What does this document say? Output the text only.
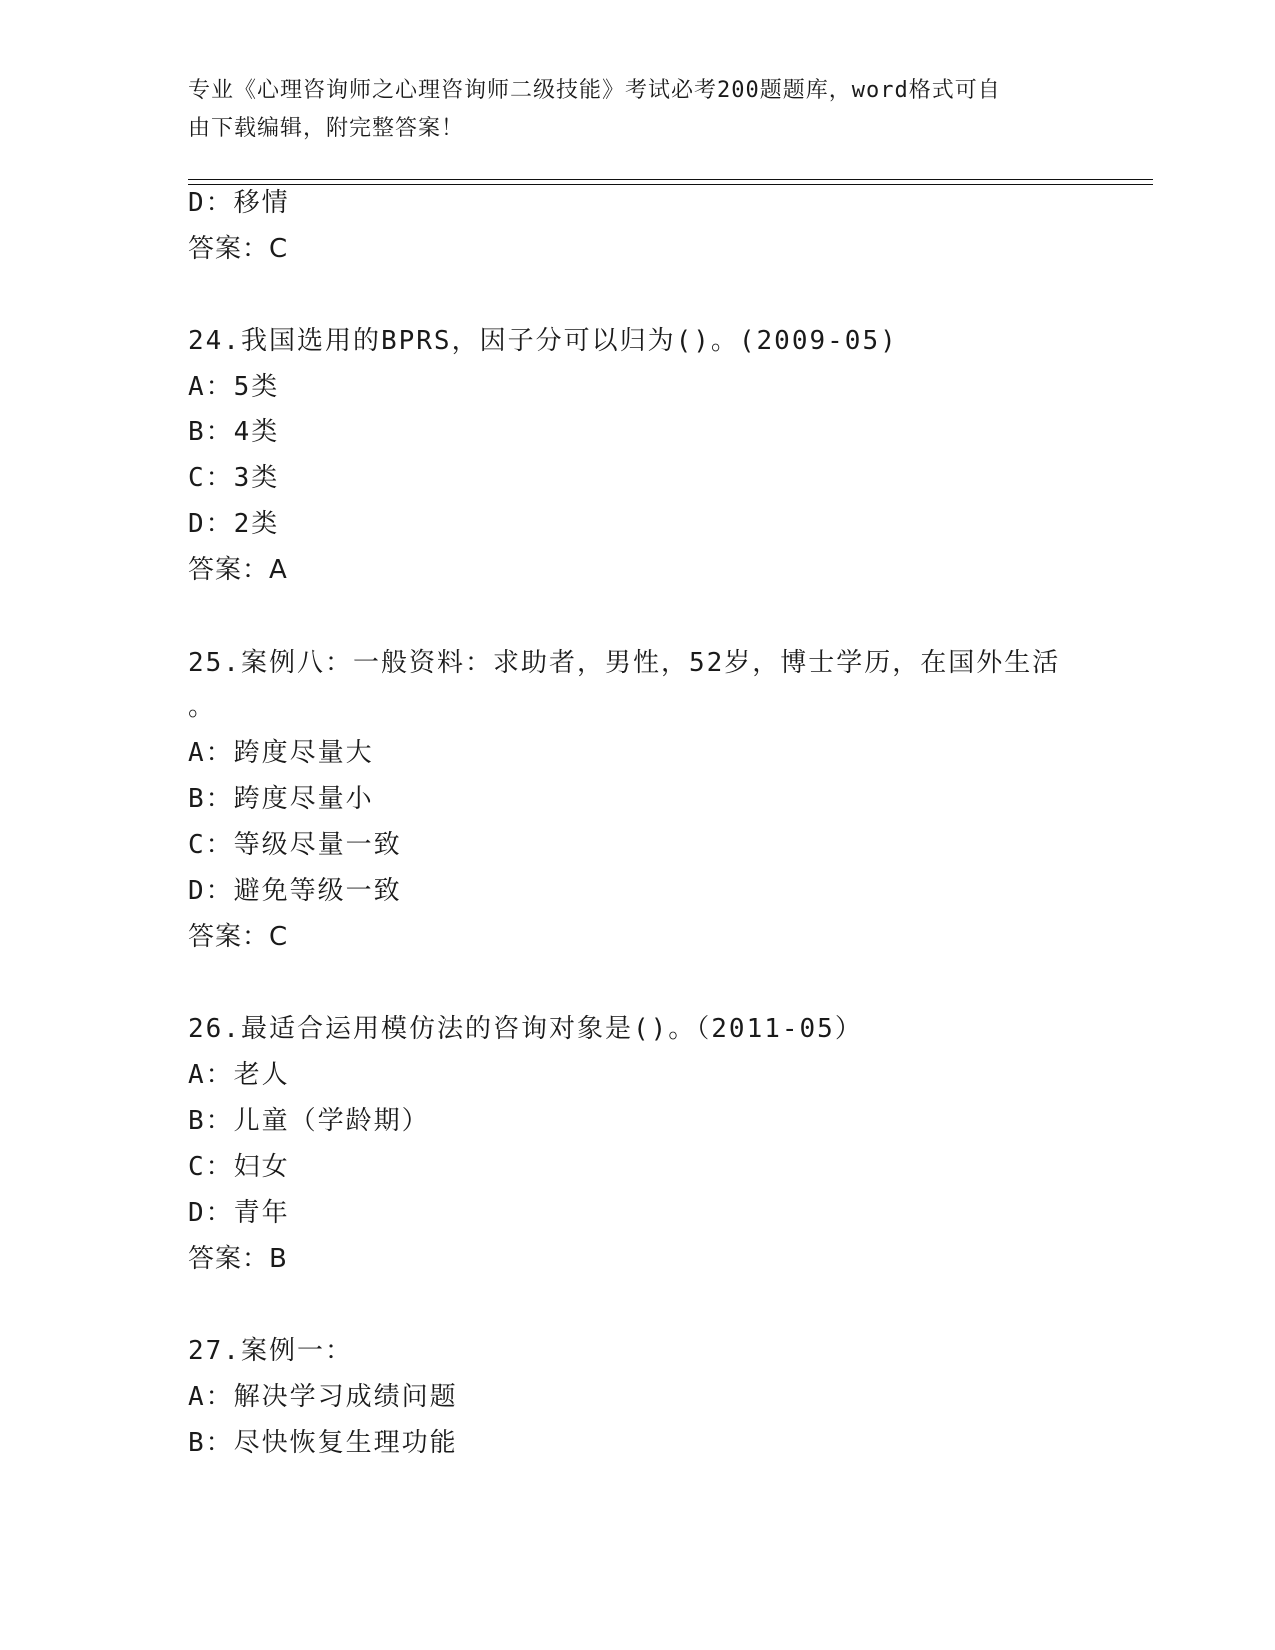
专业《心理咨询师之心理咨询师二级技能》考试必考200题题库，word格式可自
由下载编辑，附完整答案！
D：移情
答案：C
24.我国选用的BPRS，因子分可以归为()。(2009-05)
A：5类
B：4类
C：3类
D：2类
答案：A
25.案例八：一般资料：求助者，男性，52岁，博士学历，在国外生活
。
A：跨度尽量大
B：跨度尽量小
C：等级尽量一致
D：避免等级一致
答案：C
26.最适合运用模仿法的咨询对象是()。（2011-05）
A：老人
B：儿童（学龄期）
C：妇女
D：青年
答案：B
27.案例一：
A：解决学习成绩问题
B：尽快恢复生理功能
